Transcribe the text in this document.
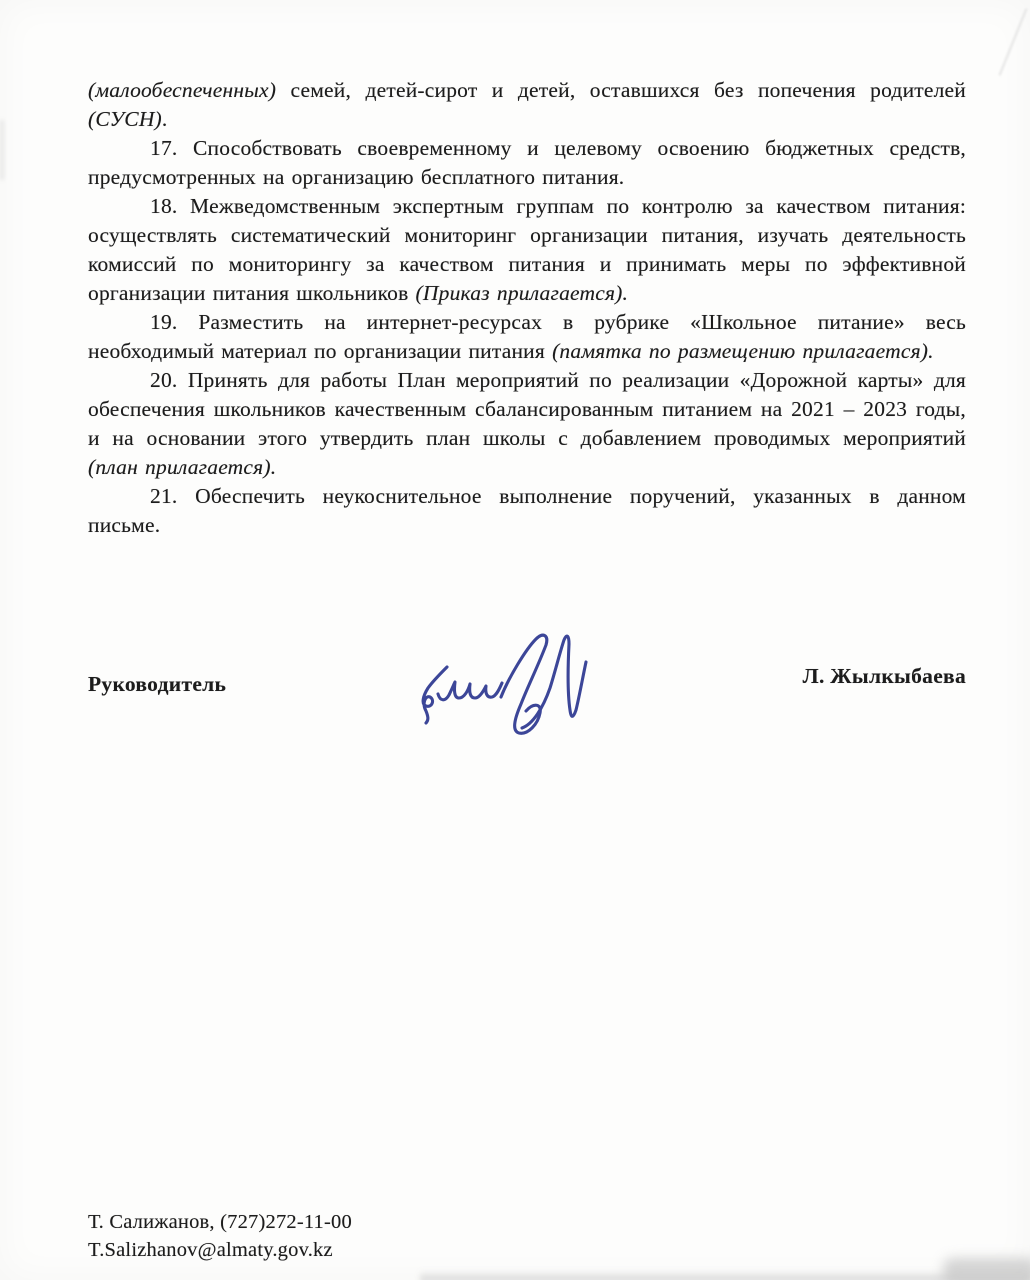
(малообеспеченных) семей, детей-сирот и детей, оставшихся без попечения родителей (СУСН).

17. Способствовать своевременному и целевому освоению бюджетных средств, предусмотренных на организацию бесплатного питания.

18. Межведомственным экспертным группам по контролю за качеством питания: осуществлять систематический мониторинг организации питания, изучать деятельность комиссий по мониторингу за качеством питания и принимать меры по эффективной организации питания школьников (Приказ прилагается).

19. Разместить на интернет-ресурсах в рубрике «Школьное питание» весь необходимый материал по организации питания (памятка по размещению прилагается).

20. Принять для работы План мероприятий по реализации «Дорожной карты» для обеспечения школьников качественным сбалансированным питанием на 2021 – 2023 годы, и на основании этого утвердить план школы с добавлением проводимых мероприятий (план прилагается).

21. Обеспечить неукоснительное выполнение поручений, указанных в данном письме.

Руководитель	Л. Жылкыбаева
Т. Салижанов, (727)272-11-00
T.Salizhanov@almaty.gov.kz
